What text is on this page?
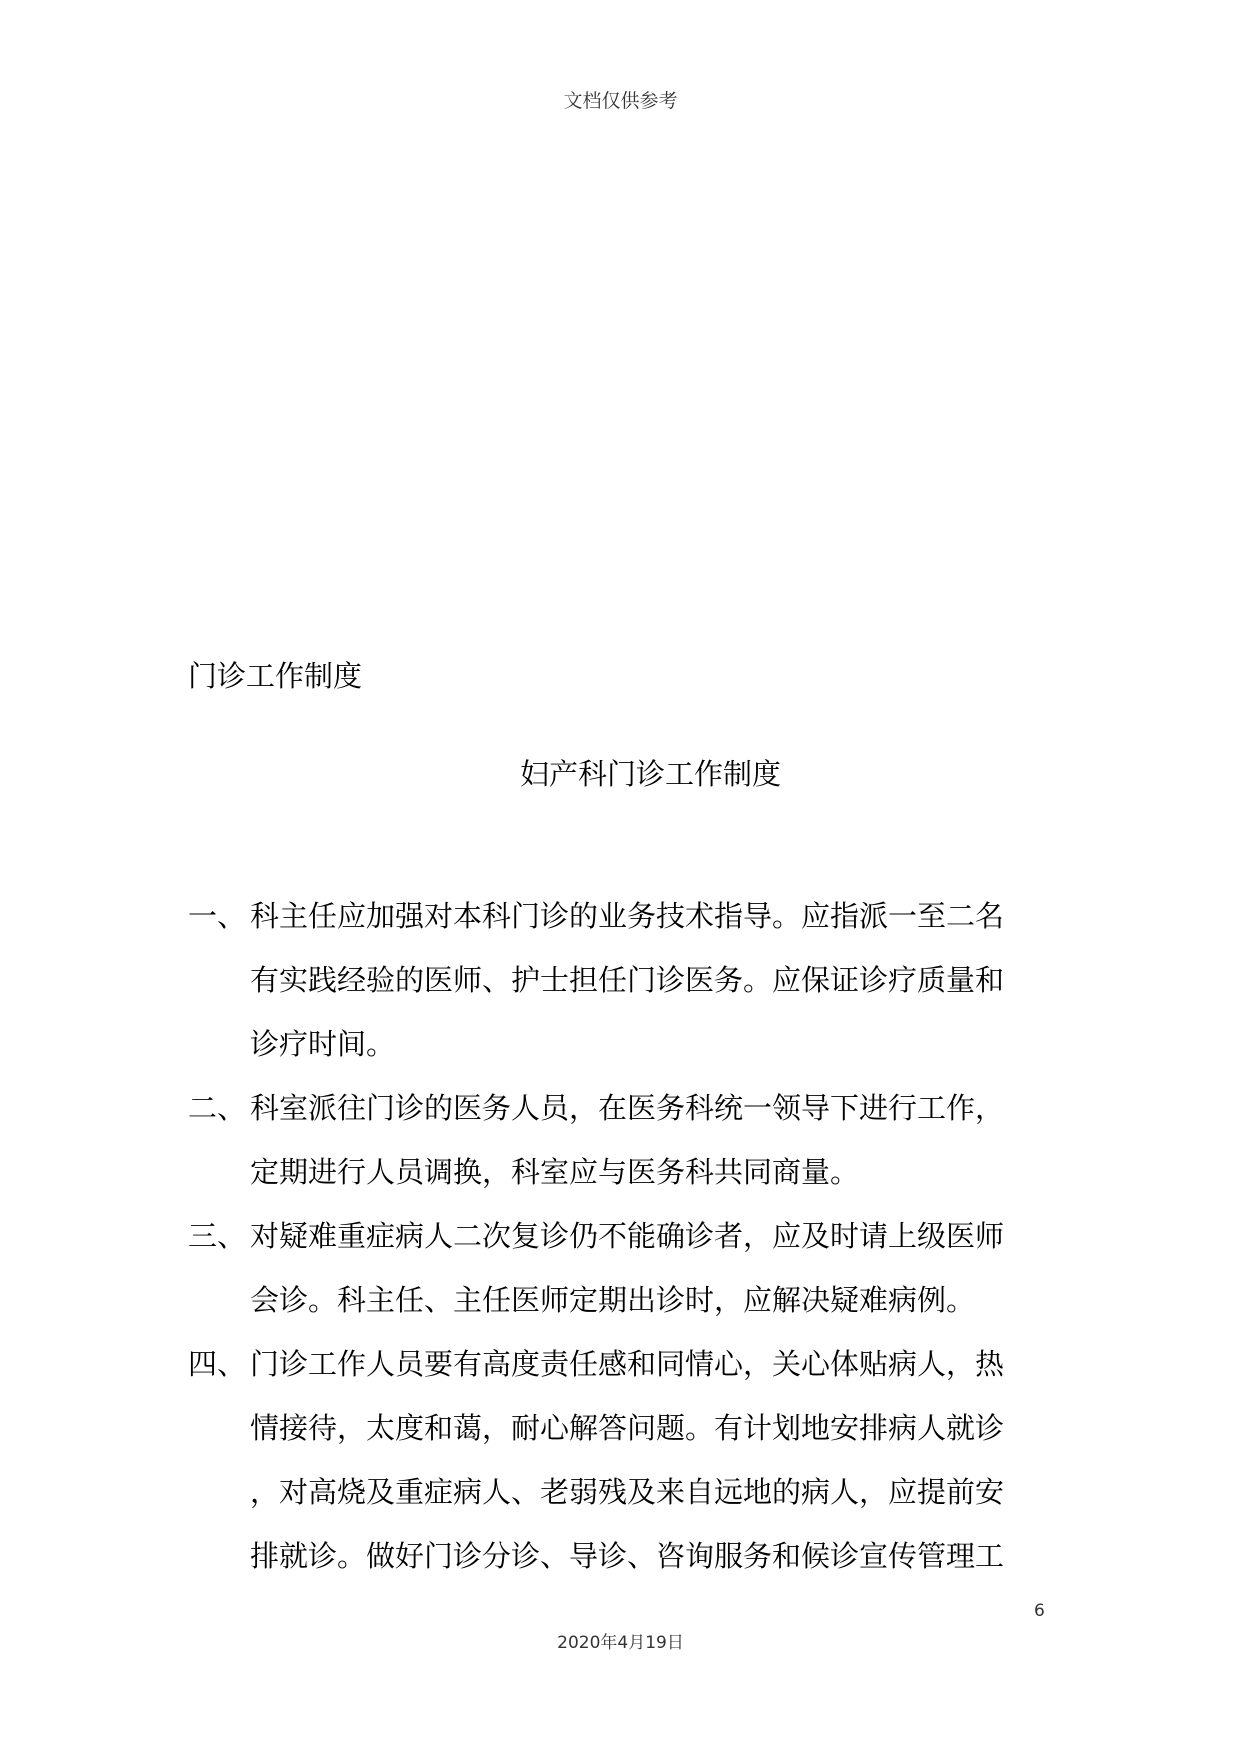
文档仅供参考
门诊工作制度
妇产科门诊工作制度
一、 科主任应加强对本科门诊的业务技术指导。应指派一至二名
有实践经验的医师、护士担任门诊医务。应保证诊疗质量和
诊疗时间。
二、 科室派往门诊的医务人员，在医务科统一领导下进行工作，
定期进行人员调换，科室应与医务科共同商量。
三、 对疑难重症病人二次复诊仍不能确诊者，应及时请上级医师
会诊。科主任、主任医师定期出诊时，应解决疑难病例。
四、 门诊工作人员要有高度责任感和同情心，关心体贴病人，热
情接待，太度和蔼，耐心解答问题。有计划地安排病人就诊
，对高烧及重症病人、老弱残及来自远地的病人，应提前安
排就诊。做好门诊分诊、导诊、咨询服务和候诊宣传管理工
6
2020年4月19日
